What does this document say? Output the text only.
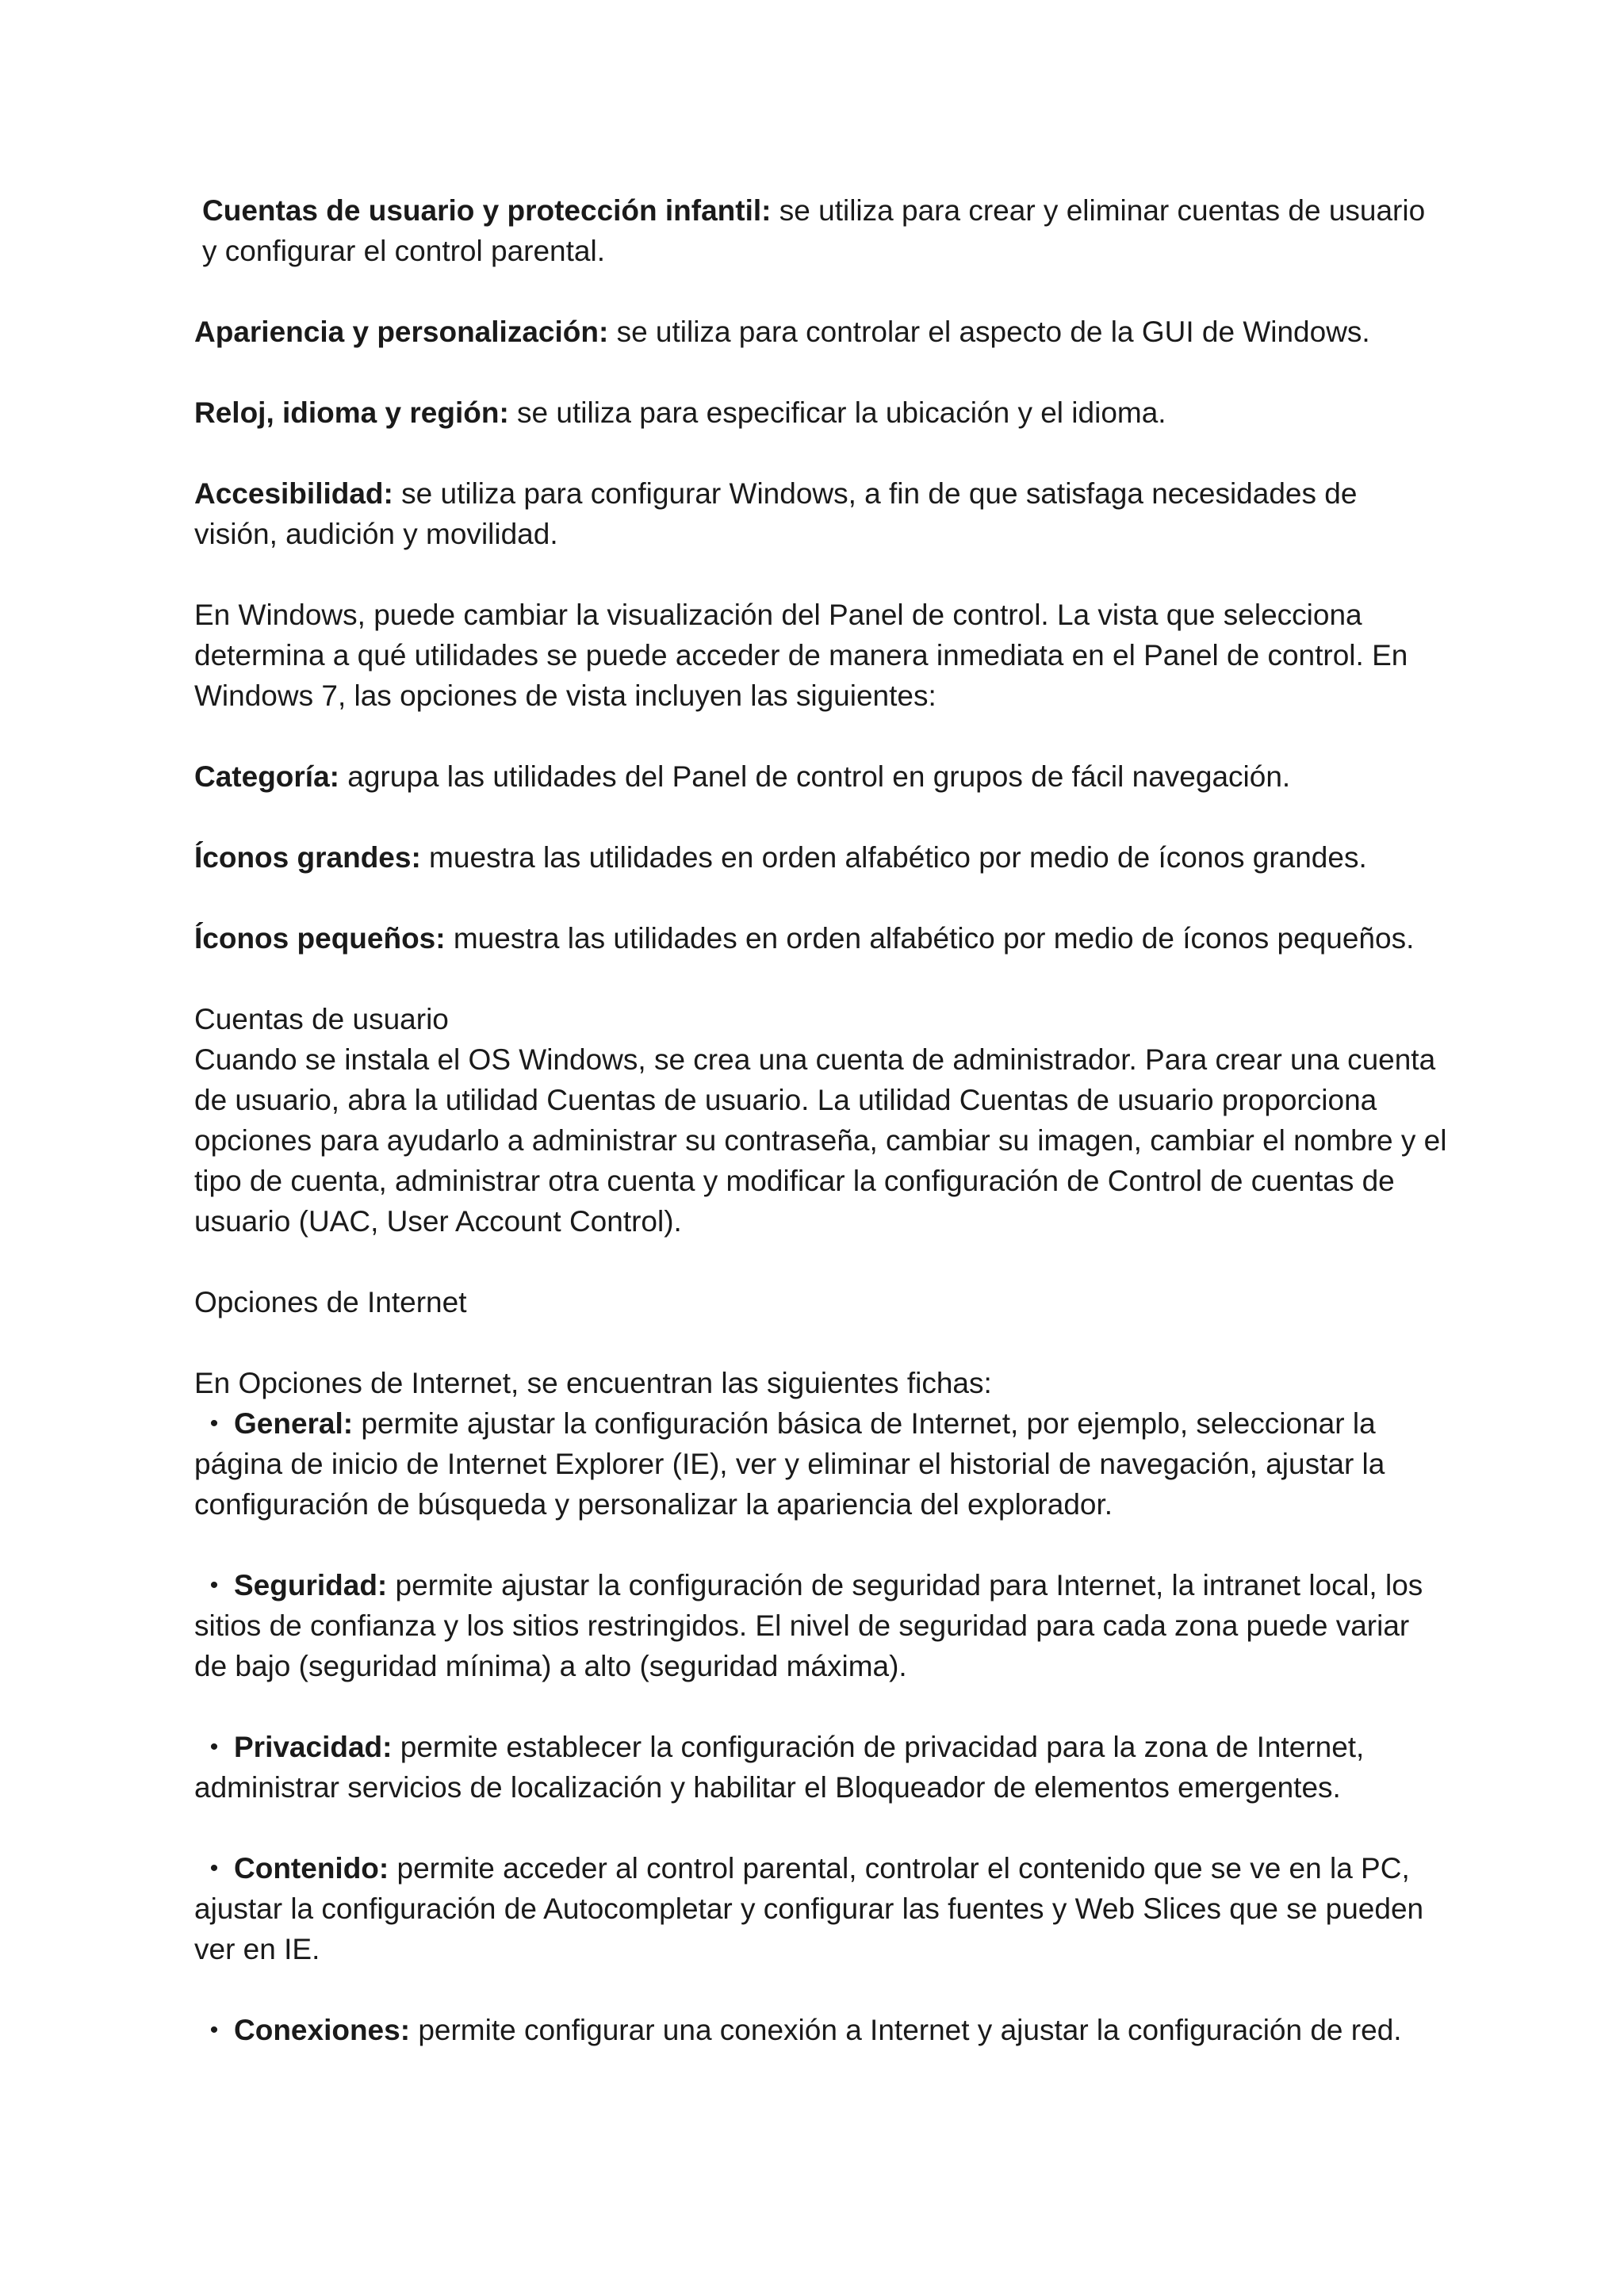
Cuentas de usuario y protección infantil: se utiliza para crear y eliminar cuentas de usuario y configurar el control parental.

Apariencia y personalización: se utiliza para controlar el aspecto de la GUI de Windows.

Reloj, idioma y región: se utiliza para especificar la ubicación y el idioma.

Accesibilidad: se utiliza para configurar Windows, a fin de que satisfaga necesidades de visión, audición y movilidad.

En Windows, puede cambiar la visualización del Panel de control. La vista que selecciona determina a qué utilidades se puede acceder de manera inmediata en el Panel de control. En Windows 7, las opciones de vista incluyen las siguientes:

Categoría: agrupa las utilidades del Panel de control en grupos de fácil navegación.

Íconos grandes: muestra las utilidades en orden alfabético por medio de íconos grandes.

Íconos pequeños: muestra las utilidades en orden alfabético por medio de íconos pequeños.

Cuentas de usuario

Cuando se instala el OS Windows, se crea una cuenta de administrador. Para crear una cuenta de usuario, abra la utilidad Cuentas de usuario. La utilidad Cuentas de usuario proporciona opciones para ayudarlo a administrar su contraseña, cambiar su imagen, cambiar el nombre y el tipo de cuenta, administrar otra cuenta y modificar la configuración de Control de cuentas de usuario (UAC, User Account Control).

Opciones de Internet

En Opciones de Internet, se encuentran las siguientes fichas:

• General: permite ajustar la configuración básica de Internet, por ejemplo, seleccionar la página de inicio de Internet Explorer (IE), ver y eliminar el historial de navegación, ajustar la configuración de búsqueda y personalizar la apariencia del explorador.

• Seguridad: permite ajustar la configuración de seguridad para Internet, la intranet local, los sitios de confianza y los sitios restringidos. El nivel de seguridad para cada zona puede variar de bajo (seguridad mínima) a alto (seguridad máxima).

• Privacidad: permite establecer la configuración de privacidad para la zona de Internet, administrar servicios de localización y habilitar el Bloqueador de elementos emergentes.

• Contenido: permite acceder al control parental, controlar el contenido que se ve en la PC, ajustar la configuración de Autocompletar y configurar las fuentes y Web Slices que se pueden ver en IE.

• Conexiones: permite configurar una conexión a Internet y ajustar la configuración de red.
